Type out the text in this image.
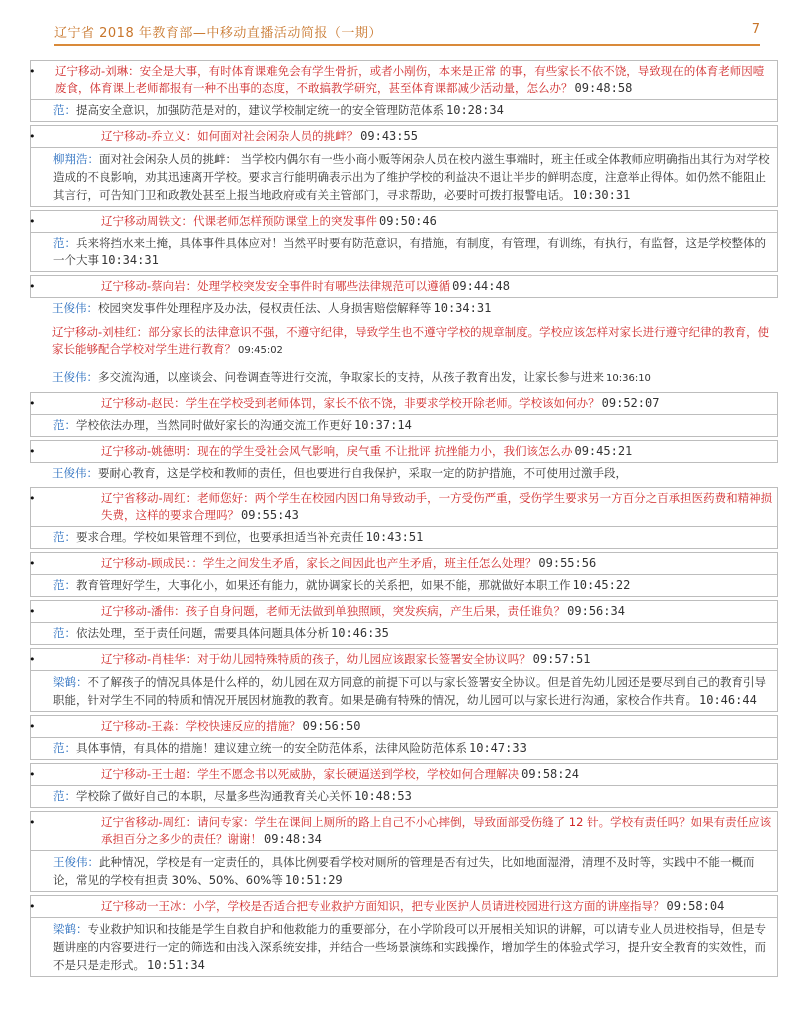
辽宁省 2018 年教育部—中移动直播活动简报（一期）	7
• 辽宁移动-刘琳：安全是大事，有时体育课难免会有学生骨折，或者小剐伤，本来是正常 的事，有些家长不依不饶，导致现在的体育老师因噎废食，体育课上老师都报有一种不出事的态度，不敢搞教学研究，甚至体育课都减少活动量，怎么办？ 09:48:58
范：提高安全意识，加强防范是对的，建议学校制定统一的安全管理防范体系 10:28:34
•	辽宁移动-乔立义：如何面对社会闲杂人员的挑衅？ 09:43:55
柳翔浩：面对社会闲杂人员的挑衅： 当学校内偶尔有一些小商小贩等闲杂人员在校内滋生事端时，班主任或全体教师应明确指出其行为对学校造成的不良影响，劝其迅速离开学校。要求言行能明确表示出为了维护学校的利益决不退让半步的鲜明态度，注意举止得体。如仍然不能阻止其言行，可告知门卫和政教处甚至上报当地政府或有关主管部门，寻求帮助，必要时可拨打报警电话。 10:30:31
•	辽宁移动周铁文：代课老师怎样预防课堂上的突发事件 09:50:46
范：兵来将挡水来土掩，具体事件具体应对！当然平时要有防范意识，有措施，有制度，有管理，有训练，有执行，有监督，这是学校整体的一个大事 10:34:31
•	辽宁移动-蔡向岩：处理学校突发安全事件时有哪些法律规范可以遵循 09:44:48
王俊伟：校园突发事件处理程序及办法，侵权责任法、人身损害赔偿解释等 10:34:31
辽宁移动-刘桂红：部分家长的法律意识不强，不遵守纪律，导致学生也不遵守学校的规章制度。学校应该怎样对家长进行遵守纪律的教育，使家长能够配合学校对学生进行教育？ 09:45:02
王俊伟：多交流沟通，以座谈会、问卷调查等进行交流，争取家长的支持，从孩子教育出发，让家长参与进来 10:36:10
•	辽宁移动-赵民：学生在学校受到老师体罚，家长不依不饶，非要求学校开除老师。学校该如何办？ 09:52:07
范：学校依法办理，当然同时做好家长的沟通交流工作更好 10:37:14
•	辽宁移动-姚德明：现在的学生受社会风气影响，戾气重 不让批评 抗挫能力小，我们该怎么办 09:45:21
王俊伟：要耐心教育，这是学校和教师的责任，但也要进行自我保护，采取一定的防护措施，不可使用过激手段，
•	辽宁省移动-周红：老师您好：两个学生在校园内因口角导致动手，一方受伤严重，受伤学生要求另一方百分之百承担医药费和精神损失费，这样的要求合理吗？ 09:55:43
范：要求合理。学校如果管理不到位，也要承担适当补充责任 10:43:51
•	辽宁移动-顾成民：：学生之间发生矛盾，家长之间因此也产生矛盾，班主任怎么处理？ 09:55:56
范：教育管理好学生，大事化小，如果还有能力，就协调家长的关系把，如果不能，那就做好本职工作 10:45:22
•	辽宁移动-潘伟：孩子自身问题，老师无法做到单独照顾，突发疾病，产生后果，责任谁负？ 09:56:34
范：依法处理，至于责任问题，需要具体问题具体分析 10:46:35
•	辽宁移动-肖桂华：对于幼儿园特殊特质的孩子，幼儿园应该跟家长签署安全协议吗？ 09:57:51
梁鹤：不了解孩子的情况具体是什么样的，幼儿园在双方同意的前提下可以与家长签署安全协议。但是首先幼儿园还是要尽到自己的教育引导职能，针对学生不同的特质和情况开展因材施教的教育。如果是确有特殊的情况，幼儿园可以与家长进行沟通，家校合作共育。 10:46:44
•	辽宁移动-王淼：学校快速反应的措施？ 09:56:50
范：具体事情，有具体的措施！建议建立统一的安全防范体系，法律风险防范体系 10:47:33
•	辽宁移动-王士超：学生不愿念书以死威胁，家长硬逼送到学校，学校如何合理解决 09:58:24
范：学校除了做好自己的本职，尽量多些沟通教育关心关怀 10:48:53
•	辽宁省移动-周红：请问专家：学生在课间上厕所的路上自己不小心摔倒，导致面部受伤缝了 12 针。学校有责任吗？如果有责任应该承担百分之多少的责任？谢谢！ 09:48:34
王俊伟：此种情况，学校是有一定责任的，具体比例要看学校对厕所的管理是否有过失，比如地面湿滑，清理不及时等，实践中不能一概而论，常见的学校有担责 30%、50%、60%等 10:51:29
•	辽宁移动一王冰：小学，学校是否适合把专业救护方面知识，把专业医护人员请进校园进行这方面的讲座指导？ 09:58:04
梁鹤：专业救护知识和技能是学生自救自护和他救能力的重要部分，在小学阶段可以开展相关知识的讲解，可以请专业人员进校指导，但是专题讲座的内容要进行一定的筛选和由浅入深系统安排，并结合一些场景演练和实践操作，增加学生的体验式学习，提升安全教育的实效性，而不是只是走形式。 10:51:34
